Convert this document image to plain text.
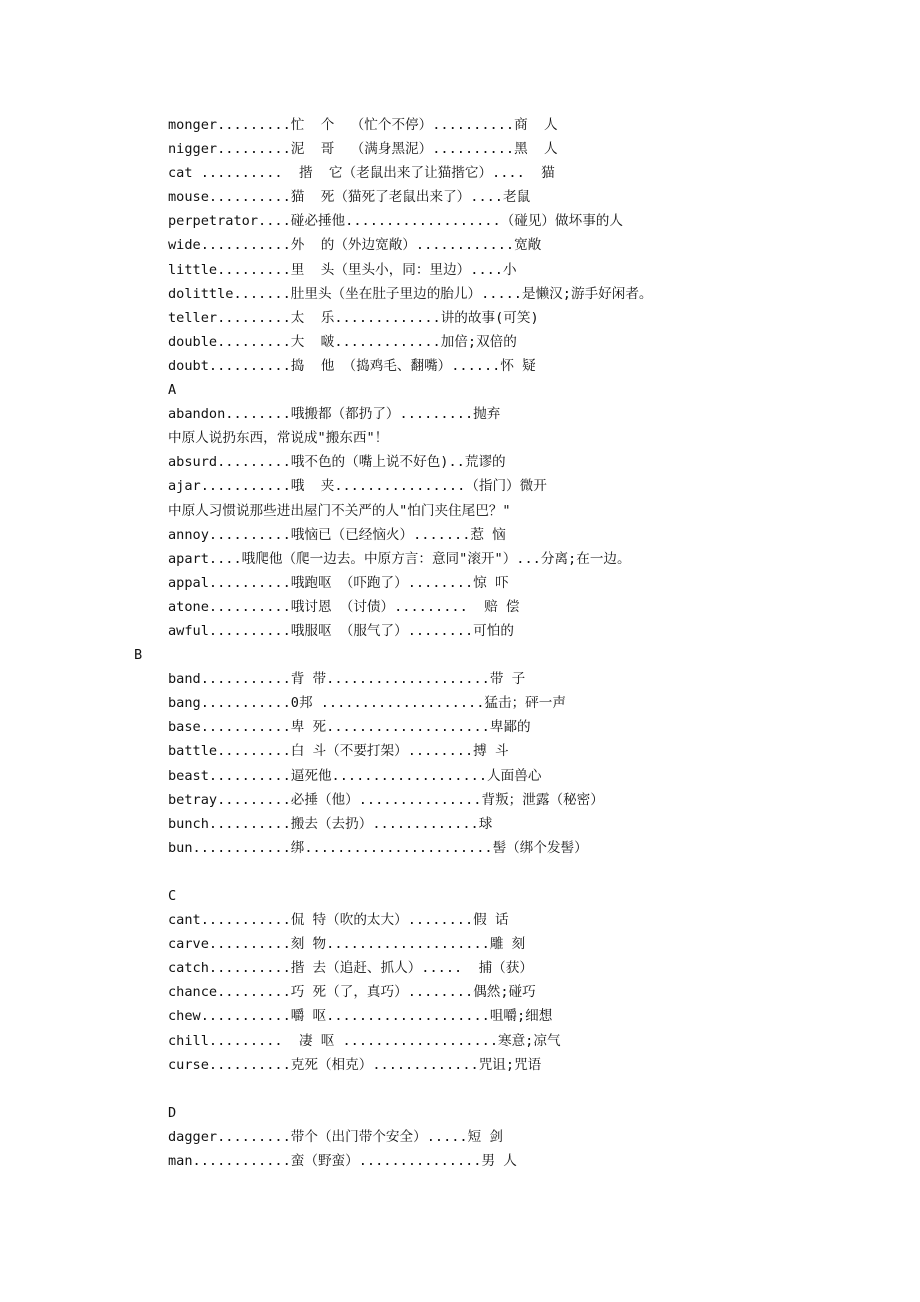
monger.........忙  个  （忙个不停）..........商  人
nigger.........泥  哥  （满身黑泥）..........黑  人
cat ..........  揩  它（老鼠出来了让猫揩它）....  猫
mouse..........猫  死（猫死了老鼠出来了）....老鼠
perpetrator....碰必捶他...................（碰见）做坏事的人
wide...........外  的（外边宽敞）............宽敞
little.........里  头（里头小，同：里边）....小
dolittle.......肚里头（坐在肚子里边的胎儿）.....是懒汉;游手好闲者。
teller.........太  乐.............讲的故事(可笑)
double.........大  啵.............加倍;双倍的
doubt..........捣  他 （捣鸡毛、翻嘴）......怀 疑
A
abandon........哦搬都（都扔了）.........抛弃
中原人说扔东西，常说成"搬东西"！
absurd.........哦不色的（嘴上说不好色)..荒谬的
ajar...........哦  夹................（指门）微开
中原人习惯说那些进出屋门不关严的人"怕门夹住尾巴？"
annoy..........哦恼已（已经恼火）.......惹 恼
apart....哦爬他（爬一边去。中原方言：意同"滚开"）...分离;在一边。
appal..........哦跑呕 （吓跑了）........惊 吓
atone..........哦讨恩 （讨债）.........  赔 偿
awful..........哦服呕 （服气了）........可怕的
B
band...........背 带....................带 子
bang...........0邦 ....................猛击；砰一声
base...........卑 死....................卑鄙的
battle.........白 斗（不要打架）........搏 斗
beast..........逼死他...................人面兽心
betray.........必捶（他）...............背叛；泄露（秘密）
bunch..........搬去（去扔）.............球
bun............绑.......................髻（绑个发髻）
C
cant...........侃 特（吹的太大）........假 话
carve..........刻 物....................雕 刻
catch..........揩 去（追赶、抓人）.....  捕（获）
chance.........巧 死（了，真巧）........偶然;碰巧
chew...........嚼 呕....................咀嚼;细想
chill.........  凄 呕 ...................寒意;凉气
curse..........克死（相克）.............咒诅;咒语
D
dagger.........带个（出门带个安全）.....短 剑
man............蛮（野蛮）...............男 人
